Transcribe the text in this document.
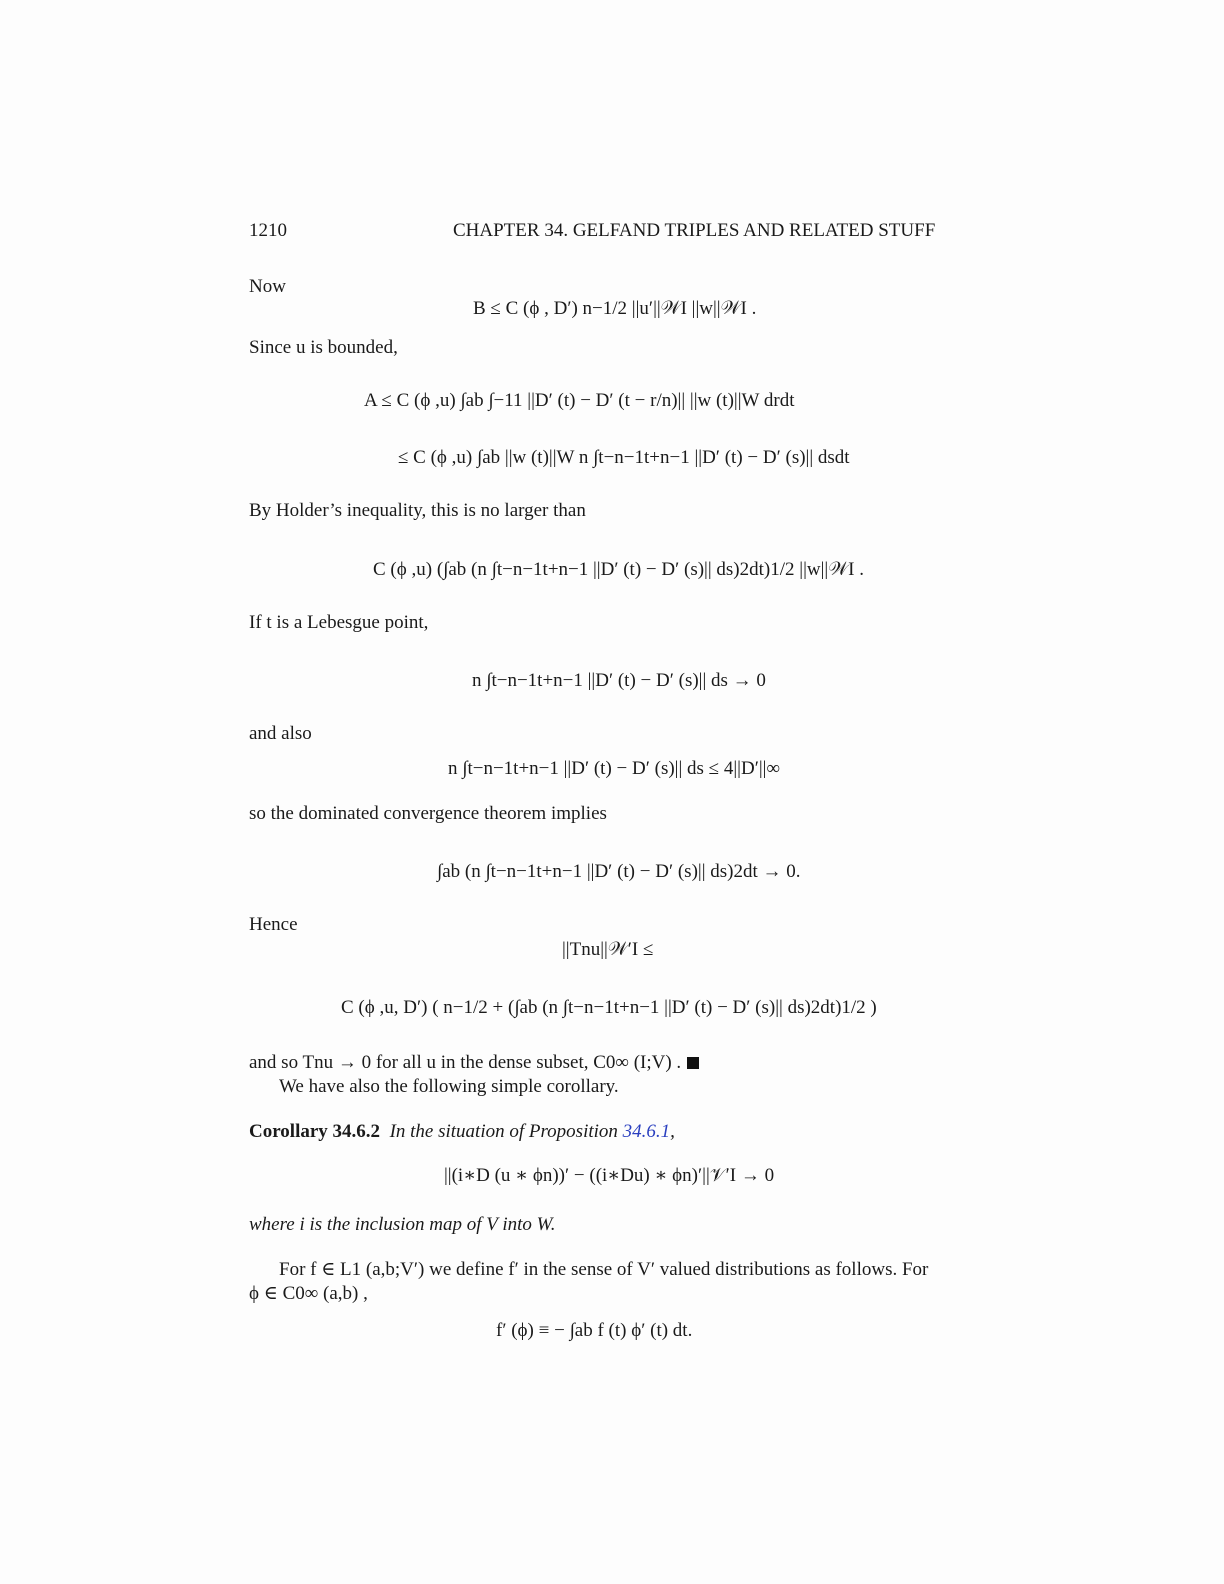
1210	CHAPTER 34. GELFAND TRIPLES AND RELATED STUFF
Now
B ≤ C (ϕ , D′) n−1/2 ||u′||𝒲I ||w||𝒲I .
Since u is bounded,
A ≤ C (ϕ ,u) ∫ab ∫−11 ||D′ (t) − D′ (t − r/n)|| ||w (t)||W drdt
≤ C (ϕ ,u) ∫ab ||w (t)||W n ∫t−n−1t+n−1 ||D′ (t) − D′ (s)|| dsdt
By Holder’s inequality, this is no larger than
C (ϕ ,u) (∫ab (n ∫t−n−1t+n−1 ||D′ (t) − D′ (s)|| ds)2dt)1/2 ||w||𝒲I .
If t is a Lebesgue point,
n ∫t−n−1t+n−1 ||D′ (t) − D′ (s)|| ds → 0
and also
n ∫t−n−1t+n−1 ||D′ (t) − D′ (s)|| ds ≤ 4||D′||∞
so the dominated convergence theorem implies
∫ab (n ∫t−n−1t+n−1 ||D′ (t) − D′ (s)|| ds)2dt → 0.
Hence
||Tnu||𝒲′I ≤
C (ϕ ,u, D′) ( n−1/2 + (∫ab (n ∫t−n−1t+n−1 ||D′ (t) − D′ (s)|| ds)2dt)1/2 )
and so Tnu → 0 for all u in the dense subset, C0∞ (I;V) .
We have also the following simple corollary.
Corollary 34.6.2 In the situation of Proposition 34.6.1,
||(i∗D (u ∗ ϕn))′ − ((i∗Du) ∗ ϕn)′||𝒱′I → 0
where i is the inclusion map of V into W.
For f ∈ L1 (a,b;V′) we define f′ in the sense of V′ valued distributions as follows. For
ϕ ∈ C0∞ (a,b) ,
f′ (ϕ) ≡ − ∫ab f (t) ϕ′ (t) dt.
